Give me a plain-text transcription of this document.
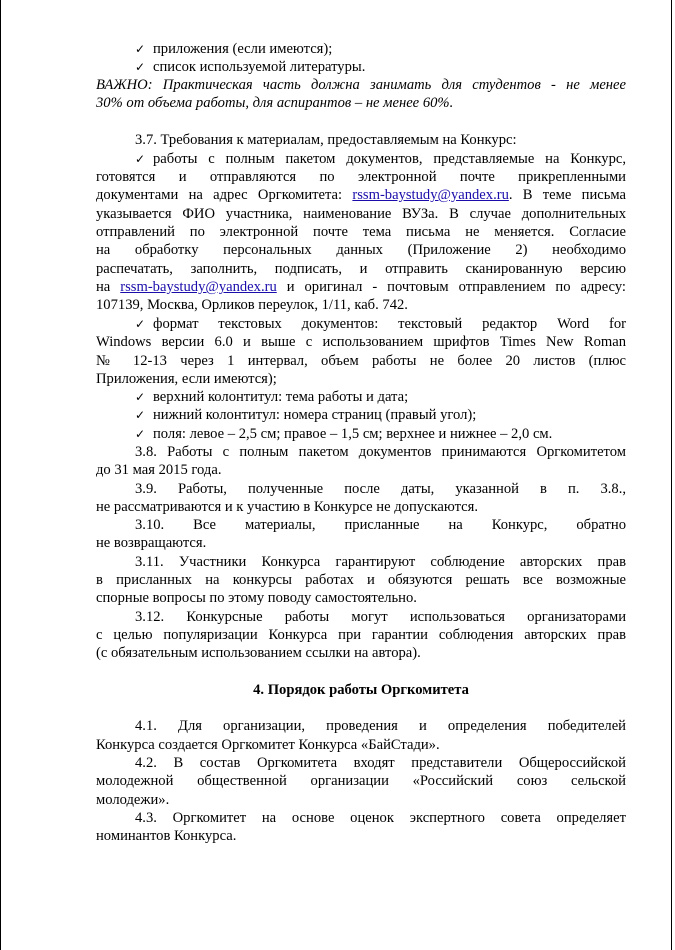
✓ приложения (если имеются);
✓ список используемой литературы.
ВАЖНО: Практическая часть должна занимать для студентов - не менее
30% от объема работы, для аспирантов – не менее 60%.
3.7. Требования к материалам, предоставляемым на Конкурс:
✓ работы с полным пакетом документов, представляемые на Конкурс,
готовятся и отправляются по электронной почте прикрепленными
документами на адрес Оргкомитета: rssm-baystudy@yandex.ru. В теме письма
указывается ФИО участника, наименование ВУЗа. В случае дополнительных
отправлений по электронной почте тема письма не меняется. Согласие
на обработку персональных данных (Приложение 2) необходимо
распечатать, заполнить, подписать, и отправить сканированную версию
на rssm-baystudy@yandex.ru и оригинал - почтовым отправлением по адресу:
107139, Москва, Орликов переулок, 1/11, каб. 742.
✓ формат текстовых документов: текстовый редактор Word for
Windows версии 6.0 и выше с использованием шрифтов Times New Roman
№ 12-13 через 1 интервал, объем работы не более 20 листов (плюс
Приложения, если имеются);
✓ верхний колонтитул: тема работы и дата;
✓ нижний колонтитул: номера страниц (правый угол);
✓ поля: левое – 2,5 см; правое – 1,5 см; верхнее и нижнее – 2,0 см.
3.8. Работы с полным пакетом документов принимаются Оргкомитетом
до 31 мая 2015 года.
3.9. Работы, полученные после даты, указанной в п. 3.8.,
не рассматриваются и к участию в Конкурсе не допускаются.
3.10. Все материалы, присланные на Конкурс, обратно
не возвращаются.
3.11. Участники Конкурса гарантируют соблюдение авторских прав
в присланных на конкурсы работах и обязуются решать все возможные
спорные вопросы по этому поводу самостоятельно.
3.12. Конкурсные работы могут использоваться организаторами
с целью популяризации Конкурса при гарантии соблюдения авторских прав
(с обязательным использованием ссылки на автора).
4. Порядок работы Оргкомитета
4.1. Для организации, проведения и определения победителей
Конкурса создается Оргкомитет Конкурса «БайСтади».
4.2. В состав Оргкомитета входят представители Общероссийской
молодежной общественной организации «Российский союз сельской
молодежи».
4.3. Оргкомитет на основе оценок экспертного совета определяет
номинантов Конкурса.
